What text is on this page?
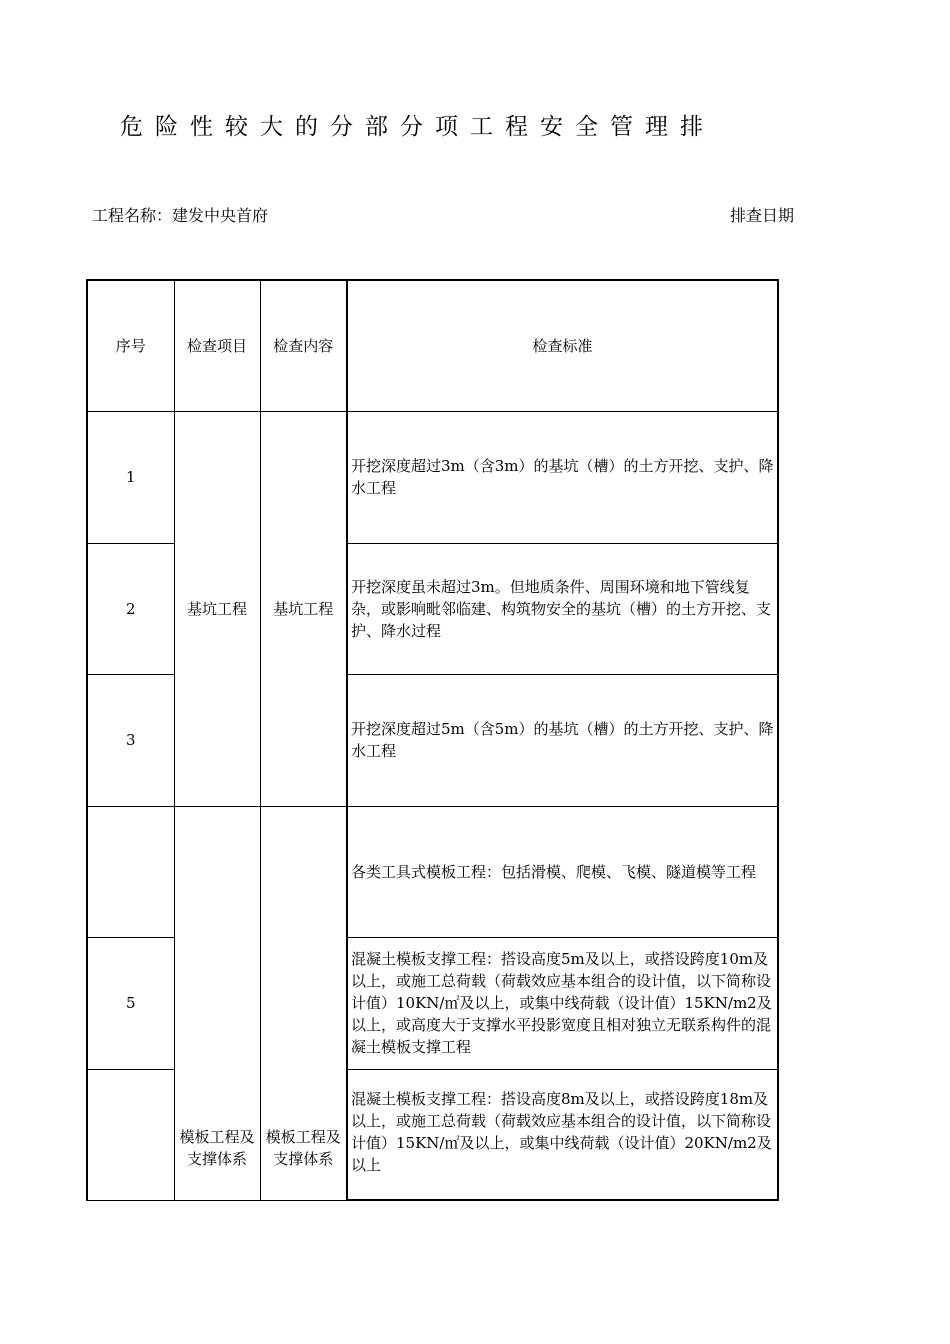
危险性较大的分部分项工程安全管理排
工程名称：建发中央首府	排查日期
序号	检查项目	检查内容	检查标准
1	基坑工程	基坑工程	开挖深度超过3m（含3m）的基坑（槽）的土方开挖、支护、降水工程
2			开挖深度虽未超过3m。但地质条件、周围环境和地下管线复杂，或影响毗邻临建、构筑物安全的基坑（槽）的土方开挖、支护、降水过程
3			开挖深度超过5m（含5m）的基坑（槽）的土方开挖、支护、降水工程
	模板工程及支撑体系	模板工程及支撑体系	各类工具式模板工程：包括滑模、爬模、飞模、隧道模等工程
5			混凝土模板支撑工程：搭设高度5m及以上，或搭设跨度10m及以上，或施工总荷载（荷载效应基本组合的设计值，以下简称设计值）10KN/㎡及以上，或集中线荷载（设计值）15KN/m2及以上，或高度大于支撑水平投影宽度且相对独立无联系构件的混凝土模板支撑工程
			混凝土模板支撑工程：搭设高度8m及以上，或搭设跨度18m及以上，或施工总荷载（荷载效应基本组合的设计值，以下简称设计值）15KN/㎡及以上，或集中线荷载（设计值）20KN/m2及以上
